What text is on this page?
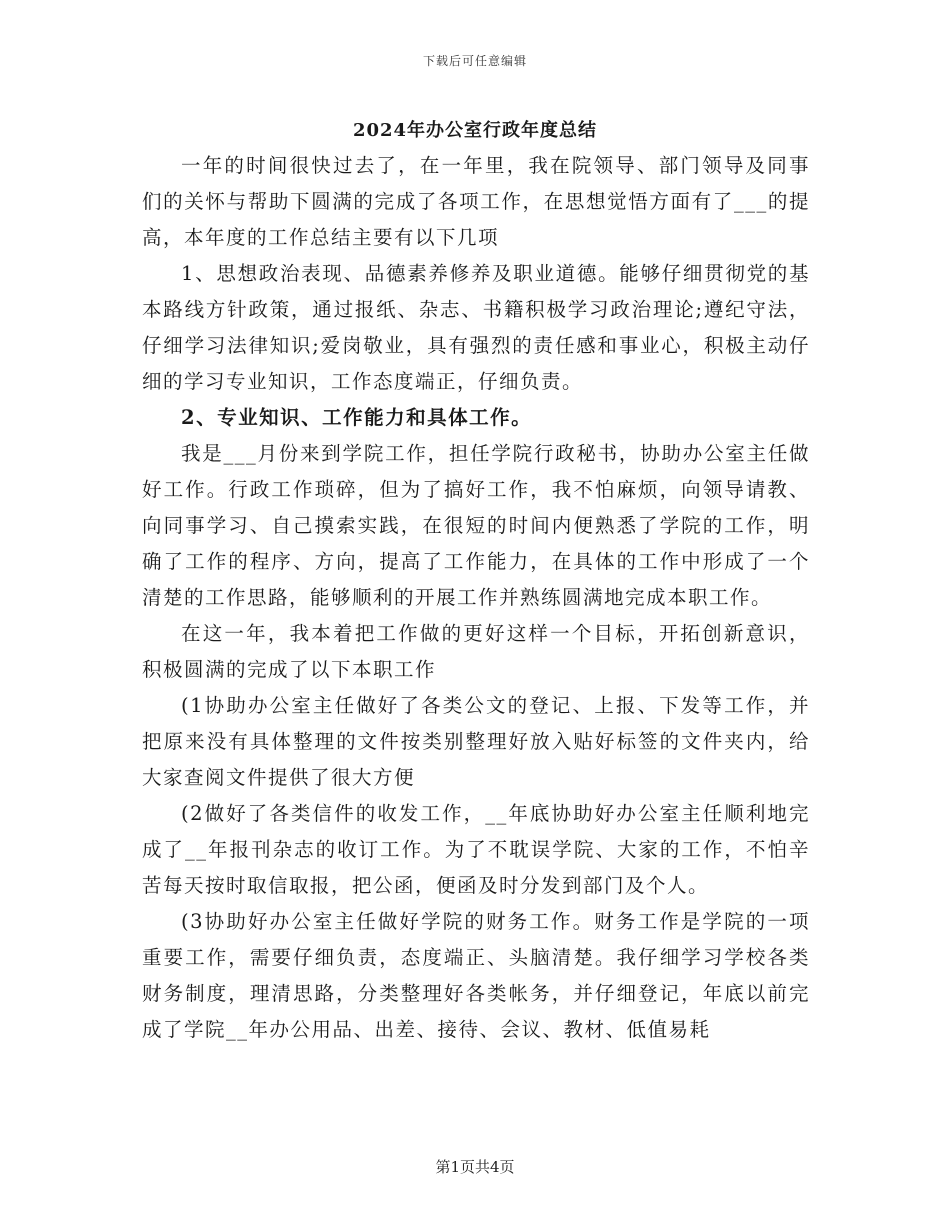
下载后可任意编辑
2024年办公室行政年度总结

一年的时间很快过去了，在一年里，我在院领导、部门领导及同事们的关怀与帮助下圆满的完成了各项工作，在思想觉悟方面有了___的提高，本年度的工作总结主要有以下几项

1、思想政治表现、品德素养修养及职业道德。能够仔细贯彻党的基本路线方针政策，通过报纸、杂志、书籍积极学习政治理论;遵纪守法，仔细学习法律知识;爱岗敬业，具有强烈的责任感和事业心，积极主动仔细的学习专业知识，工作态度端正，仔细负责。

2、专业知识、工作能力和具体工作。

我是___月份来到学院工作，担任学院行政秘书，协助办公室主任做好工作。行政工作琐碎，但为了搞好工作，我不怕麻烦，向领导请教、向同事学习、自己摸索实践，在很短的时间内便熟悉了学院的工作，明确了工作的程序、方向，提高了工作能力，在具体的工作中形成了一个清楚的工作思路，能够顺利的开展工作并熟练圆满地完成本职工作。

在这一年，我本着把工作做的更好这样一个目标，开拓创新意识，积极圆满的完成了以下本职工作

(1协助办公室主任做好了各类公文的登记、上报、下发等工作，并把原来没有具体整理的文件按类别整理好放入贴好标签的文件夹内，给大家查阅文件提供了很大方便

(2做好了各类信件的收发工作，__年底协助好办公室主任顺利地完成了__年报刊杂志的收订工作。为了不耽误学院、大家的工作，不怕辛苦每天按时取信取报，把公函，便函及时分发到部门及个人。

(3协助好办公室主任做好学院的财务工作。财务工作是学院的一项重要工作，需要仔细负责，态度端正、头脑清楚。我仔细学习学校各类财务制度，理清思路，分类整理好各类帐务，并仔细登记，年底以前完成了学院__年办公用品、出差、接待、会议、教材、低值易耗

第1页共4页
